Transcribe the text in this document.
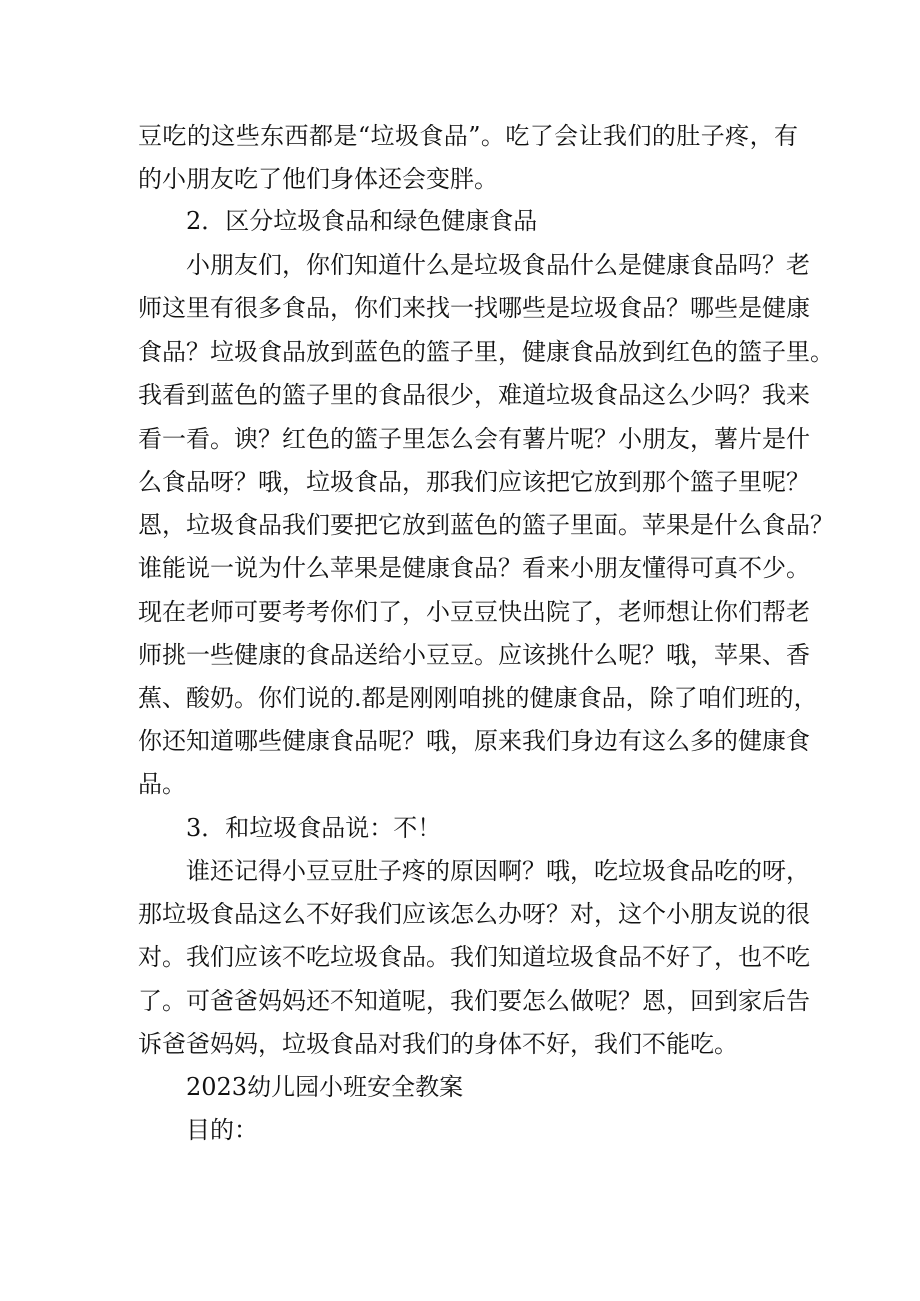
豆吃的这些东西都是“垃圾食品”。吃了会让我们的肚子疼，有
的小朋友吃了他们身体还会变胖。
2．区分垃圾食品和绿色健康食品
小朋友们，你们知道什么是垃圾食品什么是健康食品吗？老
师这里有很多食品，你们来找一找哪些是垃圾食品？哪些是健康
食品？垃圾食品放到蓝色的篮子里，健康食品放到红色的篮子里。
我看到蓝色的篮子里的食品很少，难道垃圾食品这么少吗？我来
看一看。谀？红色的篮子里怎么会有薯片呢？小朋友，薯片是什
么食品呀？哦，垃圾食品，那我们应该把它放到那个篮子里呢？
恩，垃圾食品我们要把它放到蓝色的篮子里面。苹果是什么食品？
谁能说一说为什么苹果是健康食品？看来小朋友懂得可真不少。
现在老师可要考考你们了，小豆豆快出院了，老师想让你们帮老
师挑一些健康的食品送给小豆豆。应该挑什么呢？哦，苹果、香
蕉、酸奶。你们说的.都是刚刚咱挑的健康食品，除了咱们班的，
你还知道哪些健康食品呢？哦，原来我们身边有这么多的健康食
品。
3．和垃圾食品说：不！
谁还记得小豆豆肚子疼的原因啊？哦，吃垃圾食品吃的呀，
那垃圾食品这么不好我们应该怎么办呀？对，这个小朋友说的很
对。我们应该不吃垃圾食品。我们知道垃圾食品不好了，也不吃
了。可爸爸妈妈还不知道呢，我们要怎么做呢？恩，回到家后告
诉爸爸妈妈，垃圾食品对我们的身体不好，我们不能吃。
2023幼儿园小班安全教案
目的：
